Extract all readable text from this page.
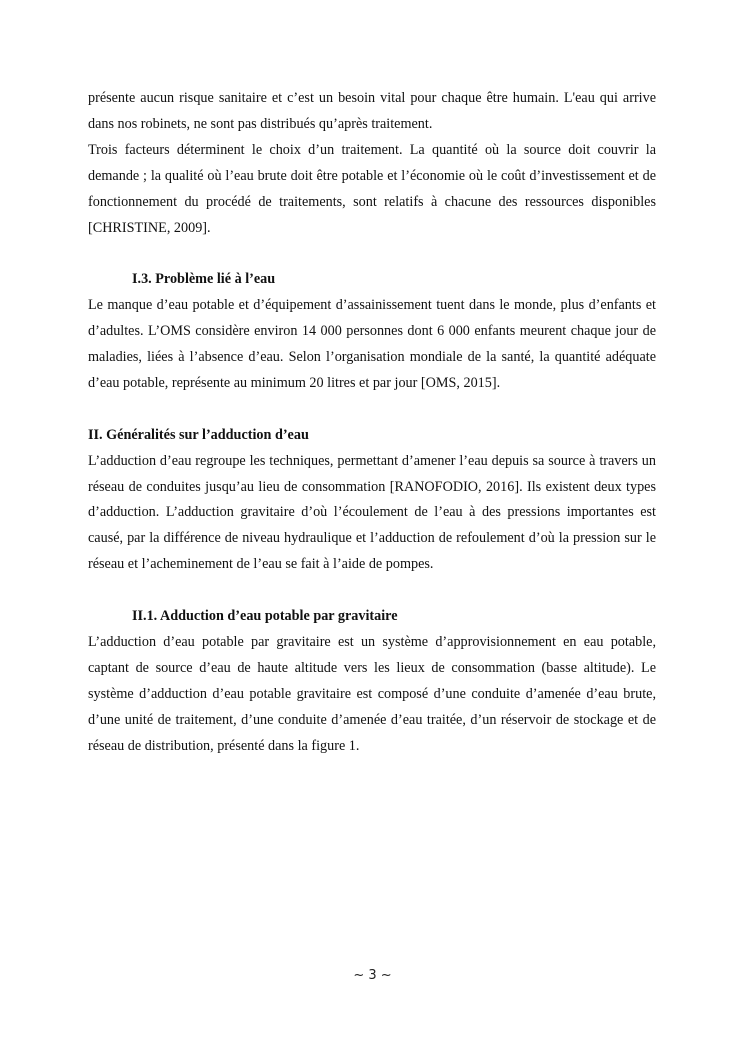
présente aucun risque sanitaire et c’est un besoin vital pour chaque être humain. L'eau qui arrive dans nos robinets, ne sont pas distribués qu’après traitement.

Trois facteurs déterminent le choix d’un traitement. La quantité où la source doit couvrir la demande ; la qualité où l’eau brute doit être potable et l’économie où le coût d’investissement et de fonctionnement du procédé de traitements, sont relatifs à chacune des ressources disponibles [CHRISTINE, 2009].

I.3. Problème lié à l’eau

Le manque d’eau potable et d’équipement d’assainissement tuent dans le monde, plus d’enfants et d’adultes. L’OMS considère environ 14 000 personnes dont 6 000 enfants meurent chaque jour de maladies, liées à l’absence d’eau. Selon l’organisation mondiale de la santé, la quantité adéquate d’eau potable, représente au minimum 20 litres et par jour [OMS, 2015].

II. Généralités sur l’adduction d’eau

L’adduction d’eau regroupe les techniques, permettant d’amener l’eau depuis sa source à travers un réseau de conduites jusqu’au lieu de consommation [RANOFODIO, 2016]. Ils existent deux types d’adduction. L’adduction gravitaire d’où l’écoulement de l’eau à des pressions importantes est causé, par la différence de niveau hydraulique et l’adduction de refoulement d’où la pression sur le réseau et l’acheminement de l’eau se fait à l’aide de pompes.

II.1. Adduction d’eau potable par gravitaire

L’adduction d’eau potable par gravitaire est un système d’approvisionnement en eau potable, captant de source d’eau de haute altitude vers les lieux de consommation (basse altitude). Le système d’adduction d’eau potable gravitaire est composé d’une conduite d’amenée d’eau brute, d’une unité de traitement, d’une conduite d’amenée d’eau traitée, d’un réservoir de stockage et de réseau de distribution, présenté dans la figure 1.

~ 3 ~
